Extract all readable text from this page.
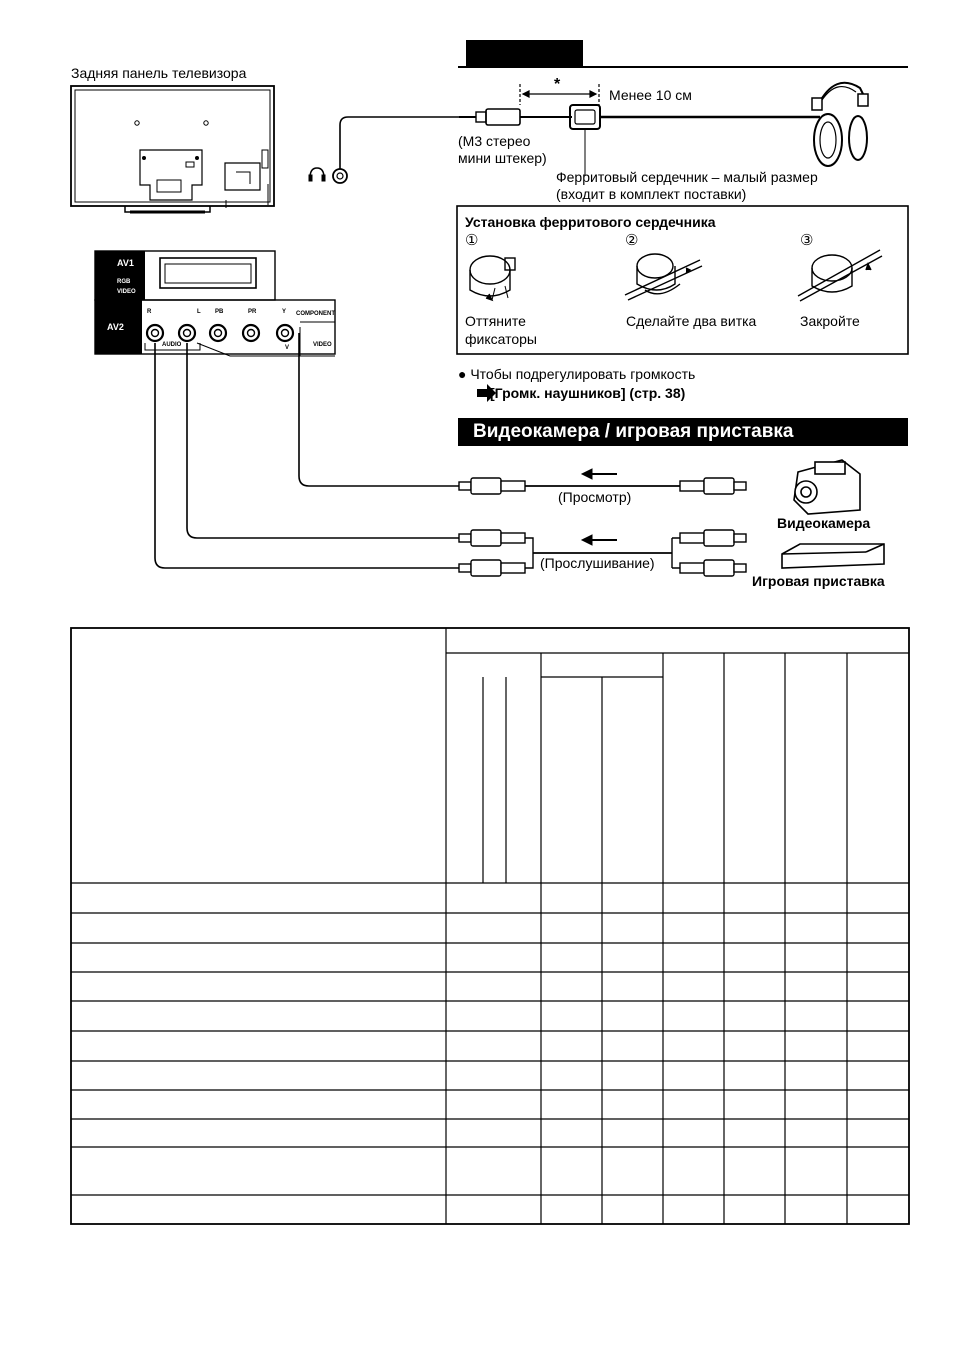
Задняя панель телевизора
*
Менее 10 см
(М3 стерео
мини штекер)
Ферритовый сердечник – малый размер
(входит в комплект поставки)
Установка ферритового сердечника
①	②	③
Оттяните
фиксаторы
Сделайте два витка	Закройте
● Чтобы подрегулировать громкость
[Громк. наушников] (стр. 38)
Видеокамера / игровая приставка
(Просмотр)
(Прослушивание)
Видеокамера
Игровая приставка
AV1
AV2
RGB
VIDEO
COMPONENT
VIDEO
AUDIO
R	L PB	PR	Y
V
